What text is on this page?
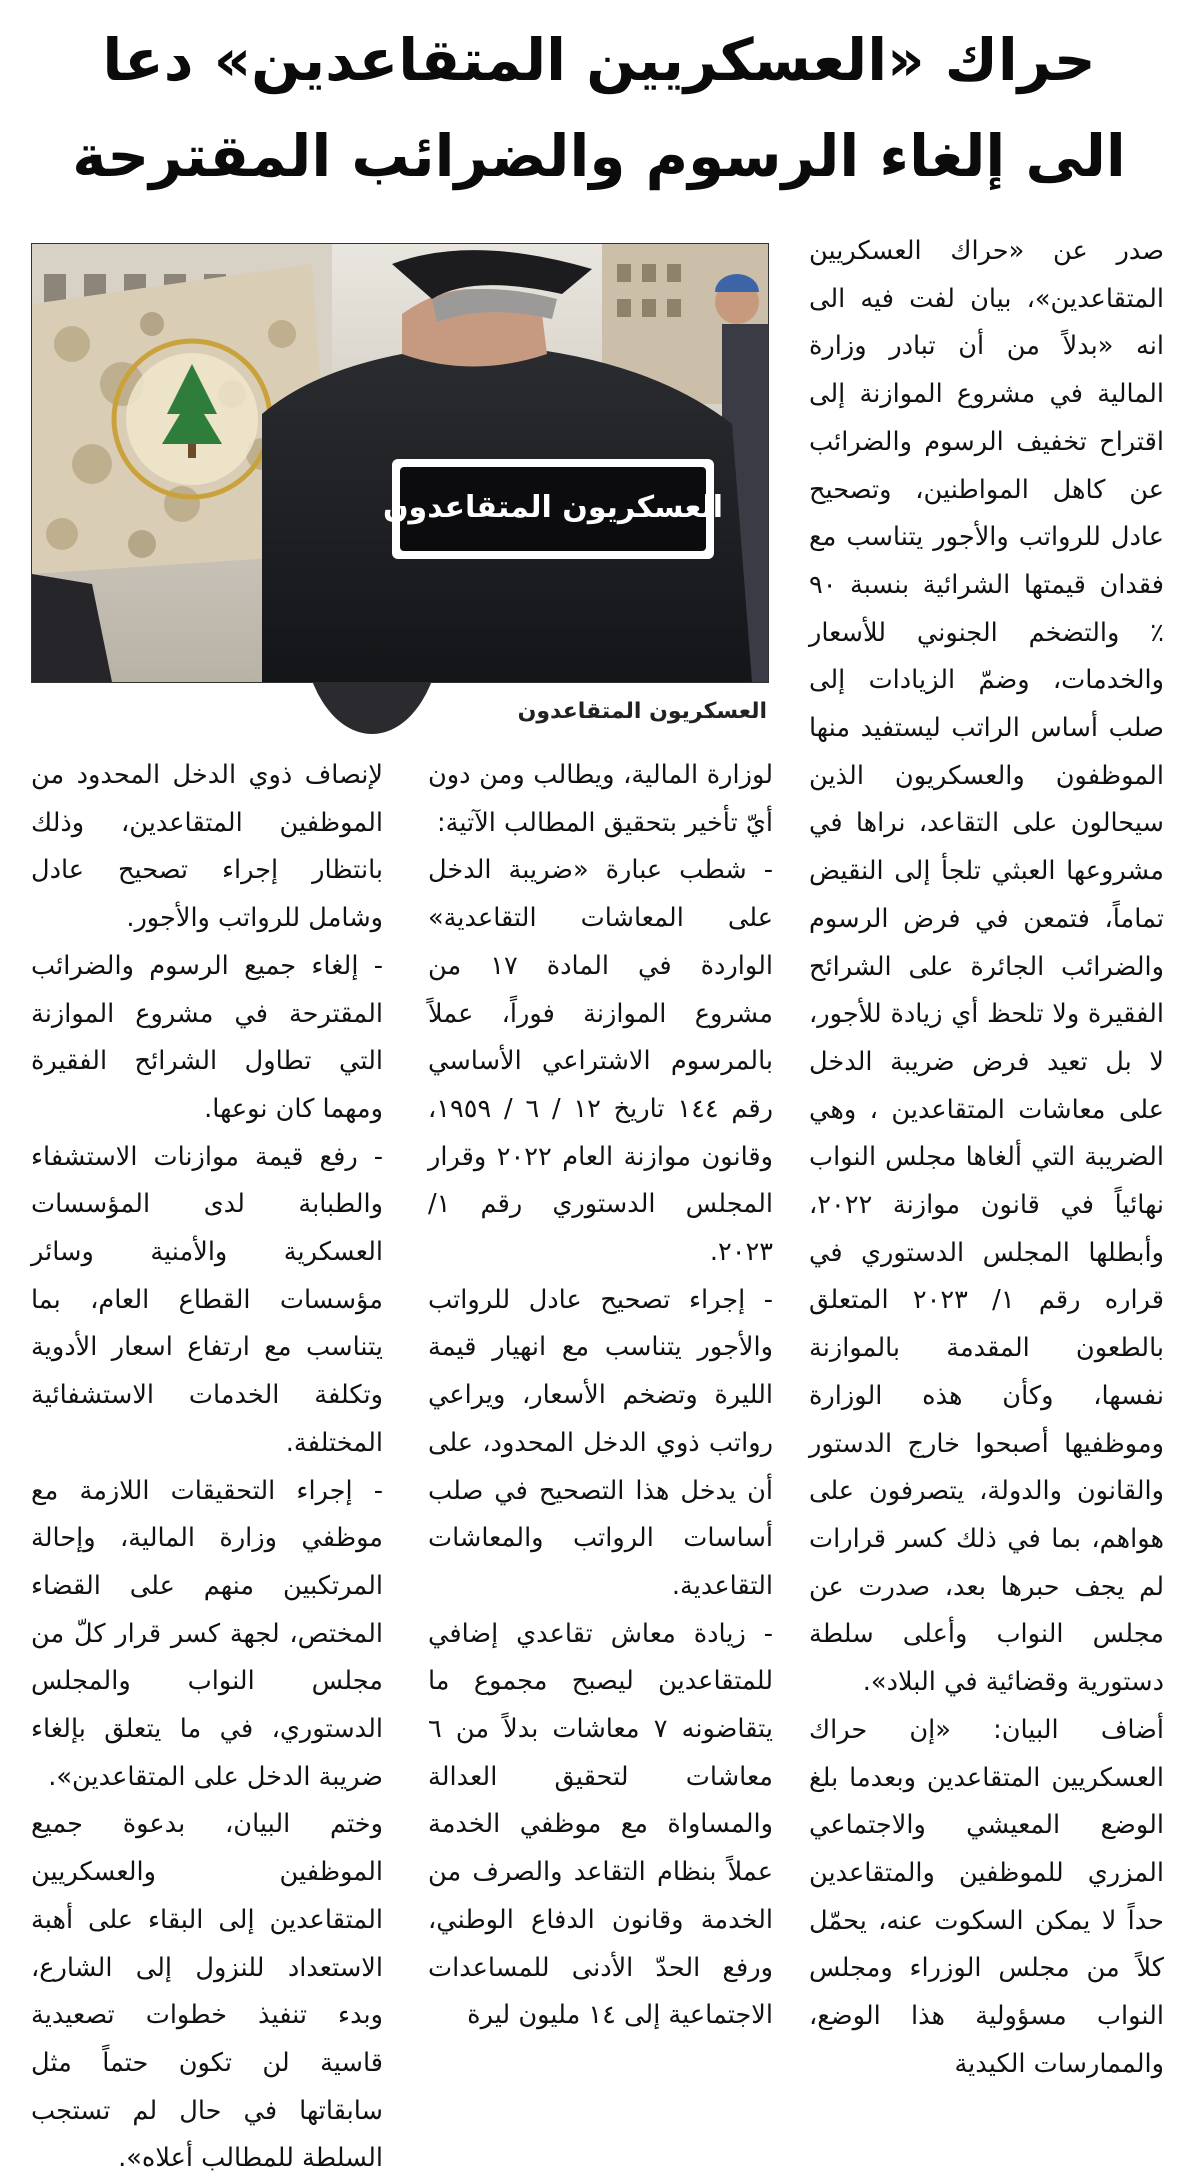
حراك «العسكريين المتقاعدين» دعا
الى إلغاء الرسوم والضرائب المقترحة

صدر عن «حراك العسكريين المتقاعدين»، بيان لفت فيه الى انه «بدلاً من أن تبادر وزارة المالية في مشروع الموازنة إلى اقتراح تخفيف الرسوم والضرائب عن كاهل المواطنين، وتصحيح عادل للرواتب والأجور يتناسب مع فقدان قيمتها الشرائية بنسبة ٩٠ ٪ والتضخم الجنوني للأسعار والخدمات، وضمّ الزيادات إلى صلب أساس الراتب ليستفيد منها الموظفون والعسكريون الذين سيحالون على التقاعد، نراها في مشروعها العبثي تلجأ إلى النقيض تماماً، فتمعن في فرض الرسوم والضرائب الجائرة على الشرائح الفقيرة ولا تلحظ أي زيادة للأجور، لا بل تعيد فرض ضريبة الدخل على معاشات المتقاعدين ، وهي الضريبة التي ألغاها مجلس النواب نهائياً في قانون موازنة ٢٠٢٢، وأبطلها المجلس الدستوري في قراره رقم ١/ ٢٠٢٣ المتعلق بالطعون المقدمة بالموازنة نفسها، وكأن هذه الوزارة وموظفيها أصبحوا خارج الدستور والقانون والدولة، يتصرفون على هواهم، بما في ذلك كسر قرارات لم يجف حبرها بعد، صدرت عن مجلس النواب وأعلى سلطة دستورية وقضائية في البلاد».

أضاف البيان: «إن حراك العسكريين المتقاعدين وبعدما بلغ الوضع المعيشي والاجتماعي المزري للموظفين والمتقاعدين حداً لا يمكن السكوت عنه، يحمّل كلاً من مجلس الوزراء ومجلس النواب مسؤولية هذا الوضع، والممارسات الكيدية

العسكريون المتقاعدون
العسكريون المتقاعدون

لوزارة المالية، ويطالب ومن دون أيّ تأخير بتحقيق المطالب الآتية:

- شطب عبارة «ضريبة الدخل على المعاشات التقاعدية» الواردة في المادة ١٧ من مشروع الموازنة فوراً، عملاً بالمرسوم الاشتراعي الأساسي رقم ١٤٤ تاريخ ١٢ / ٦ / ١٩٥٩، وقانون موازنة العام ٢٠٢٢ وقرار المجلس الدستوري رقم ١/ ٢٠٢٣.

- إجراء تصحيح عادل للرواتب والأجور يتناسب مع انهيار قيمة الليرة وتضخم الأسعار، ويراعي رواتب ذوي الدخل المحدود، على أن يدخل هذا التصحيح في صلب أساسات الرواتب والمعاشات التقاعدية.

- زيادة معاش تقاعدي إضافي للمتقاعدين ليصبح مجموع ما يتقاضونه ٧ معاشات بدلاً من ٦ معاشات لتحقيق العدالة والمساواة مع موظفي الخدمة عملاً بنظام التقاعد والصرف من الخدمة وقانون الدفاع الوطني، ورفع الحدّ الأدنى للمساعدات الاجتماعية إلى ١٤ مليون ليرة

لإنصاف ذوي الدخل المحدود من الموظفين المتقاعدين، وذلك بانتظار إجراء تصحيح عادل وشامل للرواتب والأجور.

- إلغاء جميع الرسوم والضرائب المقترحة في مشروع الموازنة التي تطاول الشرائح الفقيرة ومهما كان نوعها.

- رفع قيمة موازنات الاستشفاء والطبابة لدى المؤسسات العسكرية والأمنية وسائر مؤسسات القطاع العام، بما يتناسب مع ارتفاع اسعار الأدوية وتكلفة الخدمات الاستشفائية المختلفة.

- إجراء التحقيقات اللازمة مع موظفي وزارة المالية، وإحالة المرتكبين منهم على القضاء المختص، لجهة كسر قرار كلّ من مجلس النواب والمجلس الدستوري، في ما يتعلق بإلغاء ضريبة الدخل على المتقاعدين».

وختم البيان، بدعوة جميع الموظفين والعسكريين المتقاعدين إلى البقاء على أهبة الاستعداد للنزول إلى الشارع، وبدء تنفيذ خطوات تصعيدية قاسية لن تكون حتماً مثل سابقاتها في حال لم تستجب السلطة للمطالب أعلاه».
